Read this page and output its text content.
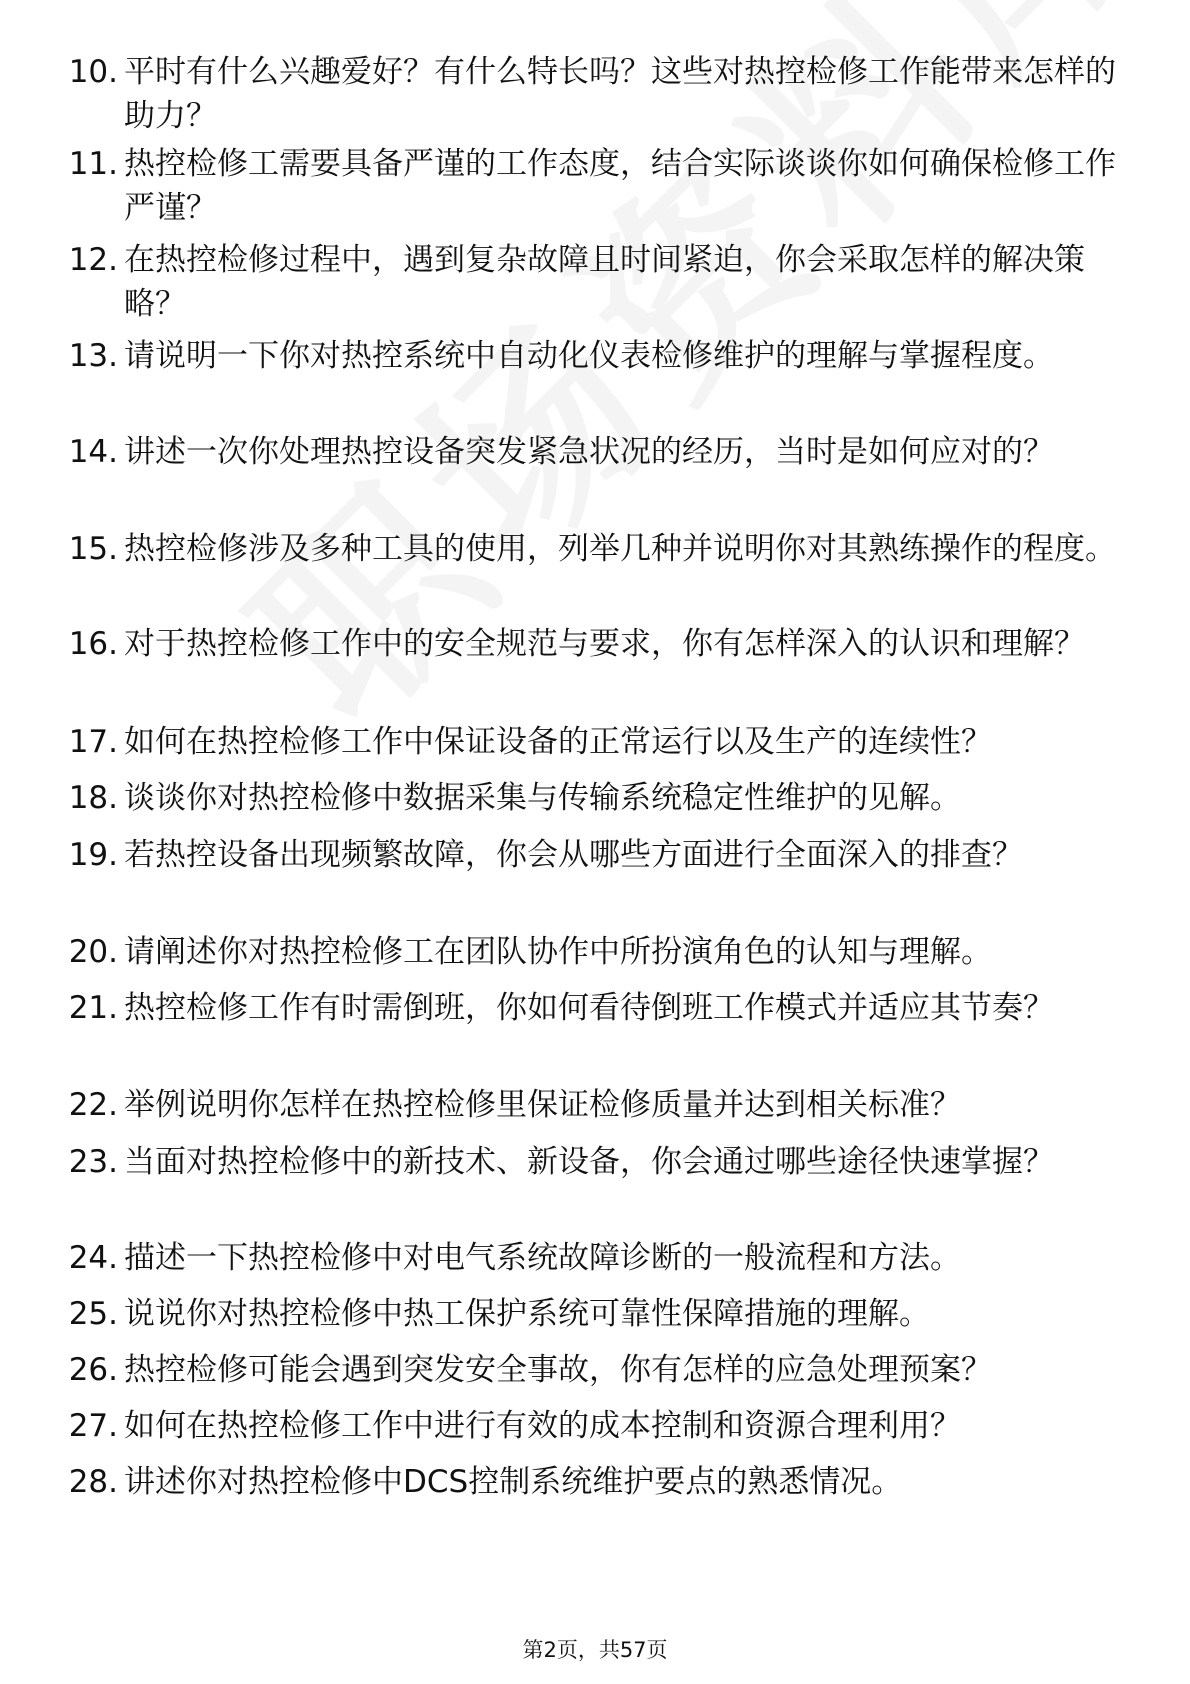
10. 平时有什么兴趣爱好？有什么特长吗？这些对热控检修工作能带来怎样的助力？
11. 热控检修工需要具备严谨的工作态度，结合实际谈谈你如何确保检修工作严谨？
12. 在热控检修过程中，遇到复杂故障且时间紧迫，你会采取怎样的解决策略？
13. 请说明一下你对热控系统中自动化仪表检修维护的理解与掌握程度。
14. 讲述一次你处理热控设备突发紧急状况的经历，当时是如何应对的？
15. 热控检修涉及多种工具的使用，列举几种并说明你对其熟练操作的程度。
16. 对于热控检修工作中的安全规范与要求，你有怎样深入的认识和理解？
17. 如何在热控检修工作中保证设备的正常运行以及生产的连续性？
18. 谈谈你对热控检修中数据采集与传输系统稳定性维护的见解。
19. 若热控设备出现频繁故障，你会从哪些方面进行全面深入的排查？
20. 请阐述你对热控检修工在团队协作中所扮演角色的认知与理解。
21. 热控检修工作有时需倒班，你如何看待倒班工作模式并适应其节奏？
22. 举例说明你怎样在热控检修里保证检修质量并达到相关标准？
23. 当面对热控检修中的新技术、新设备，你会通过哪些途径快速掌握？
24. 描述一下热控检修中对电气系统故障诊断的一般流程和方法。
25. 说说你对热控检修中热工保护系统可靠性保障措施的理解。
26. 热控检修可能会遇到突发安全事故，你有怎样的应急处理预案？
27. 如何在热控检修工作中进行有效的成本控制和资源合理利用？
28. 讲述你对热控检修中DCS控制系统维护要点的熟悉情况。
第2页，共57页
